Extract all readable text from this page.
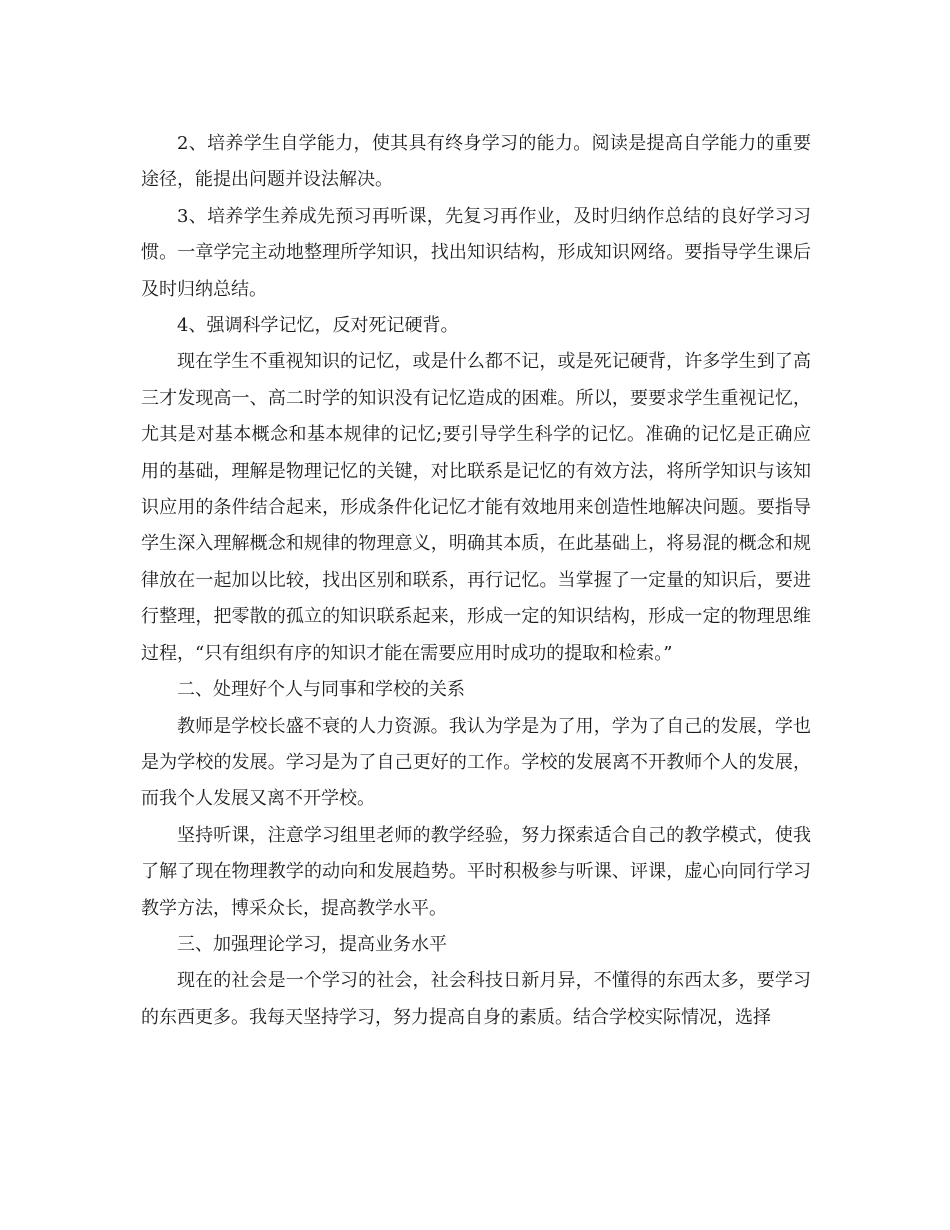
2、培养学生自学能力，使其具有终身学习的能力。阅读是提高自学能力的重要途径，能提出问题并设法解决。

3、培养学生养成先预习再听课，先复习再作业，及时归纳作总结的良好学习习惯。一章学完主动地整理所学知识，找出知识结构，形成知识网络。要指导学生课后及时归纳总结。

4、强调科学记忆，反对死记硬背。

现在学生不重视知识的记忆，或是什么都不记，或是死记硬背，许多学生到了高三才发现高一、高二时学的知识没有记忆造成的困难。所以，要要求学生重视记忆，尤其是对基本概念和基本规律的记忆;要引导学生科学的记忆。准确的记忆是正确应用的基础，理解是物理记忆的关键，对比联系是记忆的有效方法，将所学知识与该知识应用的条件结合起来，形成条件化记忆才能有效地用来创造性地解决问题。要指导学生深入理解概念和规律的物理意义，明确其本质，在此基础上，将易混的概念和规律放在一起加以比较，找出区别和联系，再行记忆。当掌握了一定量的知识后，要进行整理，把零散的孤立的知识联系起来，形成一定的知识结构，形成一定的物理思维过程，“只有组织有序的知识才能在需要应用时成功的提取和检索。”

二、处理好个人与同事和学校的关系

教师是学校长盛不衰的人力资源。我认为学是为了用，学为了自己的发展，学也是为学校的发展。学习是为了自己更好的工作。学校的发展离不开教师个人的发展，而我个人发展又离不开学校。

坚持听课，注意学习组里老师的教学经验，努力探索适合自己的教学模式，使我了解了现在物理教学的动向和发展趋势。平时积极参与听课、评课，虚心向同行学习教学方法，博采众长，提高教学水平。

三、加强理论学习，提高业务水平

现在的社会是一个学习的社会，社会科技日新月异，不懂得的东西太多，要学习的东西更多。我每天坚持学习，努力提高自身的素质。结合学校实际情况，选择
